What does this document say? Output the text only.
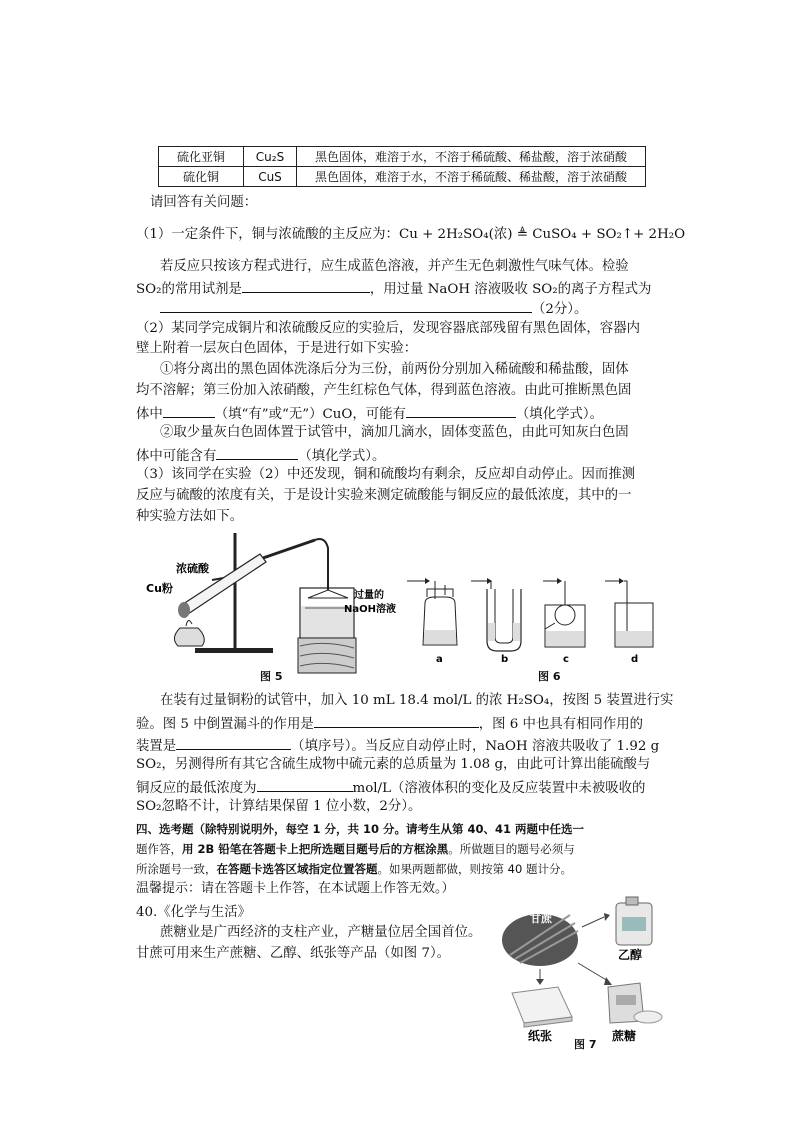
硫化亚铜	Cu₂S	黑色固体，难溶于水，不溶于稀硫酸、稀盐酸，溶于浓硝酸
硫化铜	CuS	黑色固体，难溶于水，不溶于稀硫酸、稀盐酸，溶于浓硝酸
请回答有关问题：
（1）一定条件下，铜与浓硫酸的主反应为：Cu + 2H₂SO₄(浓) ≜ CuSO₄ + SO₂↑+ 2H₂O
若反应只按该方程式进行，应生成蓝色溶液，并产生无色刺激性气味气体。检验
SO₂的常用试剂是	，用过量 NaOH 溶液吸收 SO₂的离子方程式为
（2分）。
（2）某同学完成铜片和浓硫酸反应的实验后，发现容器底部残留有黑色固体，容器内
壁上附着一层灰白色固体，于是进行如下实验：
①将分离出的黑色固体洗涤后分为三份，前两份分别加入稀硫酸和稀盐酸，固体
均不溶解；第三份加入浓硝酸，产生红棕色气体，得到蓝色溶液。由此可推断黑色固
体中	（填“有”或“无”）CuO，可能有	（填化学式）。
②取少量灰白色固体置于试管中，滴加几滴水，固体变蓝色，由此可知灰白色固
体中可能含有	（填化学式）。
（3）该同学在实验（2）中还发现，铜和硫酸均有剩余，反应却自动停止。因而推测
反应与硫酸的浓度有关，于是设计实验来测定硫酸能与铜反应的最低浓度，其中的一
种实验方法如下。
浓硫酸
Cu粉
过量的
NaOH溶液
图 5
a	b	c	d
图 6
在装有过量铜粉的试管中，加入 10 mL 18.4 mol/L 的浓 H₂SO₄，按图 5 装置进行实
验。图 5 中倒置漏斗的作用是	，图 6 中也具有相同作用的
装置是	（填序号）。当反应自动停止时，NaOH 溶液共吸收了 1.92 g
SO₂，另测得所有其它含硫生成物中硫元素的总质量为 1.08 g，由此可计算出能硫酸与
铜反应的最低浓度为	mol/L（溶液体积的变化及反应装置中未被吸收的
SO₂忽略不计，计算结果保留 1 位小数，2分）。
四、选考题（除特别说明外，每空 1 分，共 10 分。请考生从第 40、41 两题中任选一
题作答，用 2B 铅笔在答题卡上把所选题目题号后的方框涂黑。所做题目的题号必须与
所涂题号一致，在答题卡选答区域指定位置答题。如果两题都做，则按第 40 题计分。
温馨提示：请在答题卡上作答，在本试题上作答无效。）
40.《化学与生活》
蔗糖业是广西经济的支柱产业，产糖量位居全国首位。
甘蔗可用来生产蔗糖、乙醇、纸张等产品（如图 7）。
甘蔗
乙醇
纸张	蔗糖
图 7
